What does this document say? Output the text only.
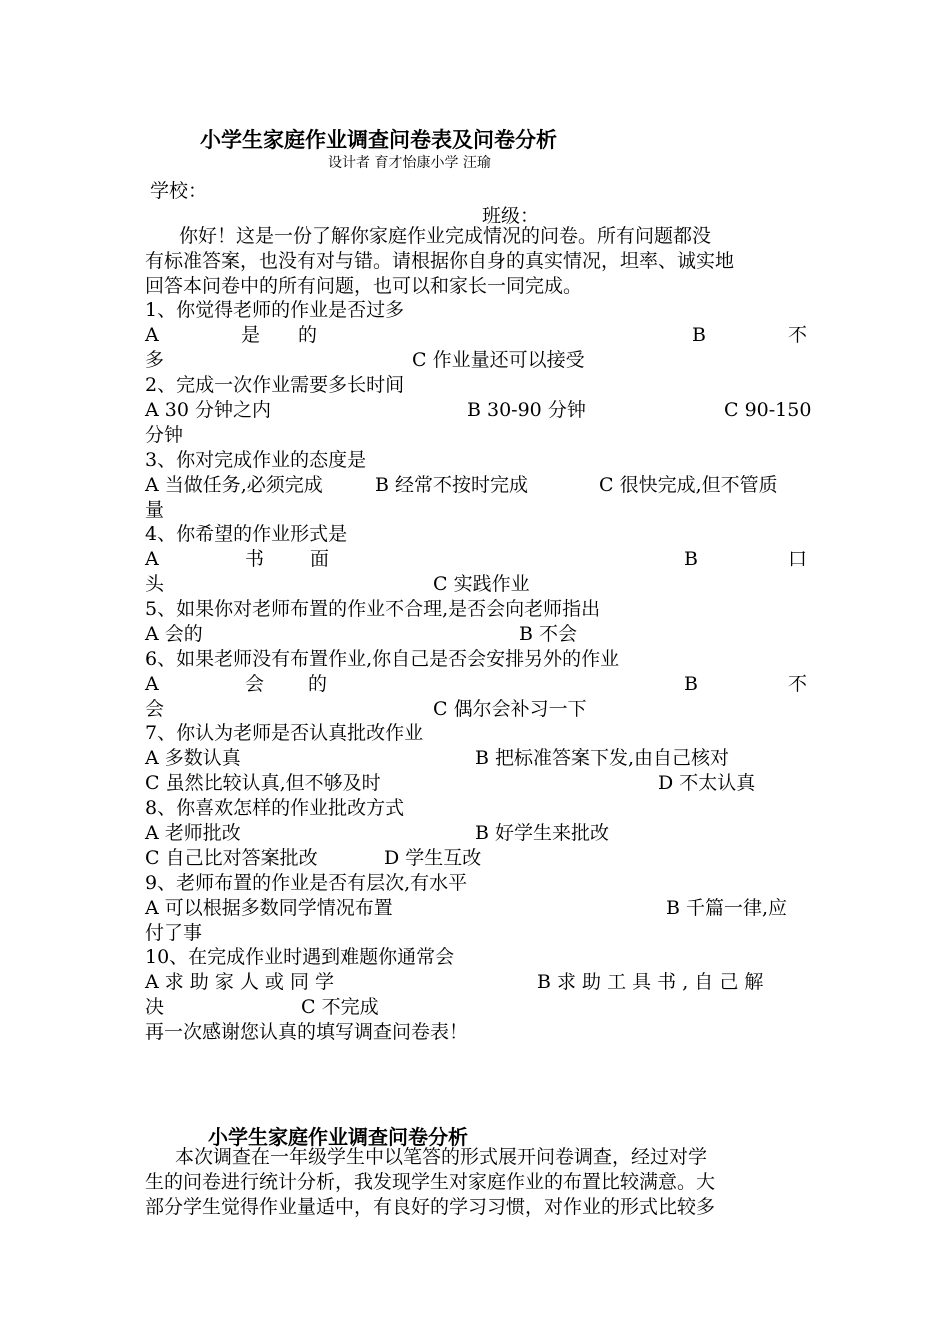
小学生家庭作业调查问卷表及问卷分析
设计者 育才怡康小学 汪瑜
学校：
班级：
你好！这是一份了解你家庭作业完成情况的问卷。所有问题都没
有标准答案，也没有对与错。请根据你自身的真实情况，坦率、诚实地
回答本问卷中的所有问题，也可以和家长一同完成。
1、你觉得老师的作业是否过多
A	是 的	B	不
多	C 作业量还可以接受
2、完成一次作业需要多长时间
A 30 分钟之内	B 30-90 分钟	C 90-150
分钟
3、你对完成作业的态度是
A 当做任务,必须完成	B 经常不按时完成	C 很快完成,但不管质
量
4、你希望的作业形式是
A	书 面	B	口
头	C 实践作业
5、如果你对老师布置的作业不合理,是否会向老师指出
A 会的	B 不会
6、如果老师没有布置作业,你自己是否会安排另外的作业
A	会 的	B	不
会	C 偶尔会补习一下
7、你认为老师是否认真批改作业
A 多数认真	B 把标准答案下发,由自己核对
C 虽然比较认真,但不够及时	D 不太认真
8、你喜欢怎样的作业批改方式
A 老师批改	B 好学生来批改
C 自己比对答案批改	D 学生互改
9、老师布置的作业是否有层次,有水平
A 可以根据多数同学情况布置	B 千篇一律,应
付了事
10、在完成作业时遇到难题你通常会
A 求 助 家 人 或 同 学	B 求 助 工 具 书 , 自 己 解
决	C 不完成
再一次感谢您认真的填写调查问卷表！
小学生家庭作业调查问卷分析
本次调查在一年级学生中以笔答的形式展开问卷调查，经过对学
生的问卷进行统计分析，我发现学生对家庭作业的布置比较满意。大
部分学生觉得作业量适中，有良好的学习习惯，对作业的形式比较多
